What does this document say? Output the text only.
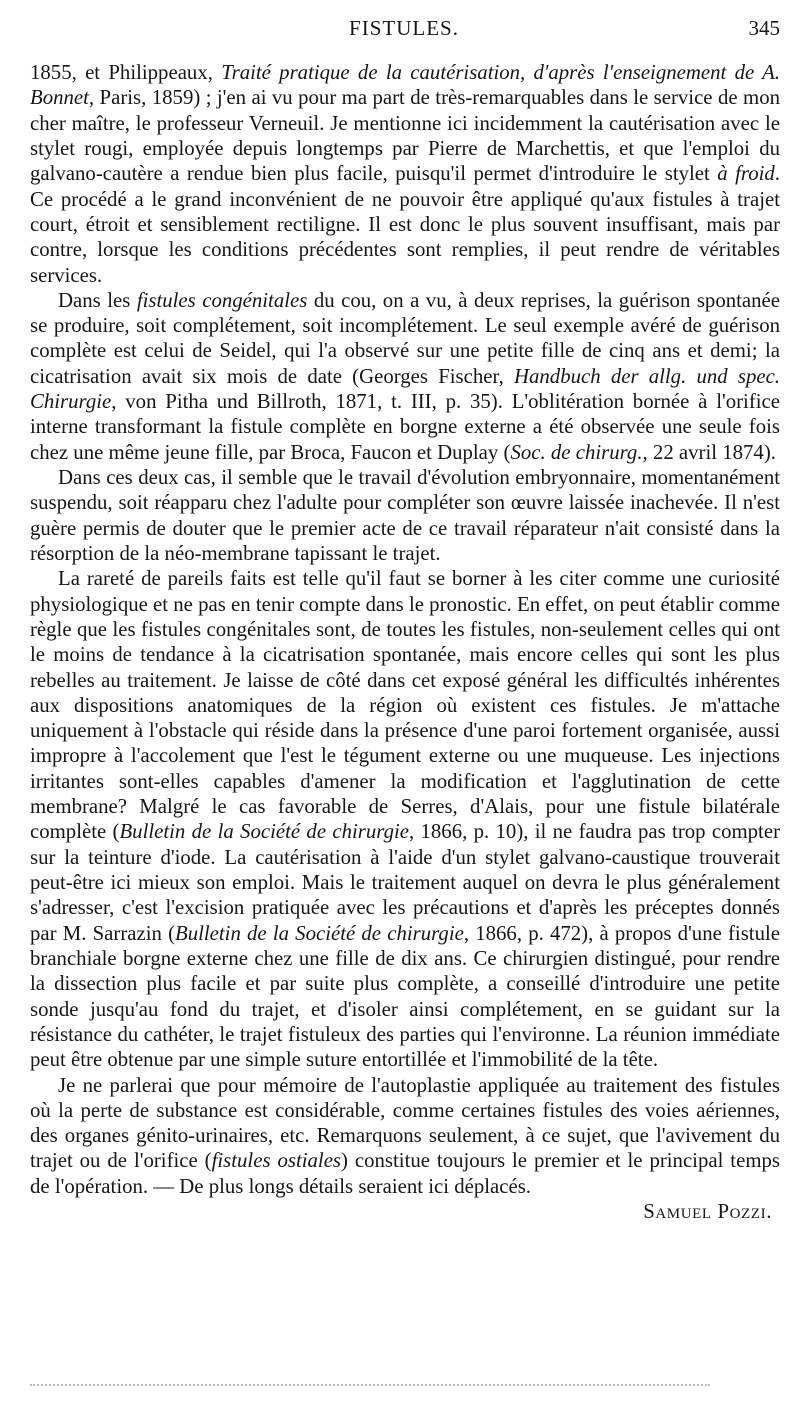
FISTULES.	345

1855, et Philippeaux, Traité pratique de la cautérisation, d'après l'enseignement de A. Bonnet, Paris, 1859) ; j'en ai vu pour ma part de très-remarquables dans le service de mon cher maître, le professeur Verneuil. Je mentionne ici incidemment la cautérisation avec le stylet rougi, employée depuis longtemps par Pierre de Marchettis, et que l'emploi du galvano-cautère a rendue bien plus facile, puisqu'il permet d'introduire le stylet à froid. Ce procédé a le grand inconvénient de ne pouvoir être appliqué qu'aux fistules à trajet court, étroit et sensiblement rectiligne. Il est donc le plus souvent insuffisant, mais par contre, lorsque les conditions précédentes sont remplies, il peut rendre de véritables services.

Dans les fistules congénitales du cou, on a vu, à deux reprises, la guérison spontanée se produire, soit complétement, soit incomplétement. Le seul exemple avéré de guérison complète est celui de Seidel, qui l'a observé sur une petite fille de cinq ans et demi; la cicatrisation avait six mois de date (Georges Fischer, Handbuch der allg. und spec. Chirurgie, von Pitha und Billroth, 1871, t. III, p. 35). L'oblitération bornée à l'orifice interne transformant la fistule complète en borgne externe a été observée une seule fois chez une même jeune fille, par Broca, Faucon et Duplay (Soc. de chirurg., 22 avril 1874).

Dans ces deux cas, il semble que le travail d'évolution embryonnaire, momentanément suspendu, soit réapparu chez l'adulte pour compléter son œuvre laissée inachevée. Il n'est guère permis de douter que le premier acte de ce travail réparateur n'ait consisté dans la résorption de la néo-membrane tapissant le trajet.

La rareté de pareils faits est telle qu'il faut se borner à les citer comme une curiosité physiologique et ne pas en tenir compte dans le pronostic. En effet, on peut établir comme règle que les fistules congénitales sont, de toutes les fistules, non-seulement celles qui ont le moins de tendance à la cicatrisation spontanée, mais encore celles qui sont les plus rebelles au traitement. Je laisse de côté dans cet exposé général les difficultés inhérentes aux dispositions anatomiques de la région où existent ces fistules. Je m'attache uniquement à l'obstacle qui réside dans la présence d'une paroi fortement organisée, aussi impropre à l'accolement que l'est le tégument externe ou une muqueuse. Les injections irritantes sont-elles capables d'amener la modification et l'agglutination de cette membrane? Malgré le cas favorable de Serres, d'Alais, pour une fistule bilatérale complète (Bulletin de la Société de chirurgie, 1866, p. 10), il ne faudra pas trop compter sur la teinture d'iode. La cautérisation à l'aide d'un stylet galvano-caustique trouverait peut-être ici mieux son emploi. Mais le traitement auquel on devra le plus généralement s'adresser, c'est l'excision pratiquée avec les précautions et d'après les préceptes donnés par M. Sarrazin (Bulletin de la Société de chirurgie, 1866, p. 472), à propos d'une fistule branchiale borgne externe chez une fille de dix ans. Ce chirurgien distingué, pour rendre la dissection plus facile et par suite plus complète, a conseillé d'introduire une petite sonde jusqu'au fond du trajet, et d'isoler ainsi complétement, en se guidant sur la résistance du cathéter, le trajet fistuleux des parties qui l'environne. La réunion immédiate peut être obtenue par une simple suture entortillée et l'immobilité de la tête.

Je ne parlerai que pour mémoire de l'autoplastie appliquée au traitement des fistules où la perte de substance est considérable, comme certaines fistules des voies aériennes, des organes génito-urinaires, etc. Remarquons seulement, à ce sujet, que l'avivement du trajet ou de l'orifice (fistules ostiales) constitue toujours le premier et le principal temps de l'opération. — De plus longs détails seraient ici déplacés.

Samuel Pozzi.
